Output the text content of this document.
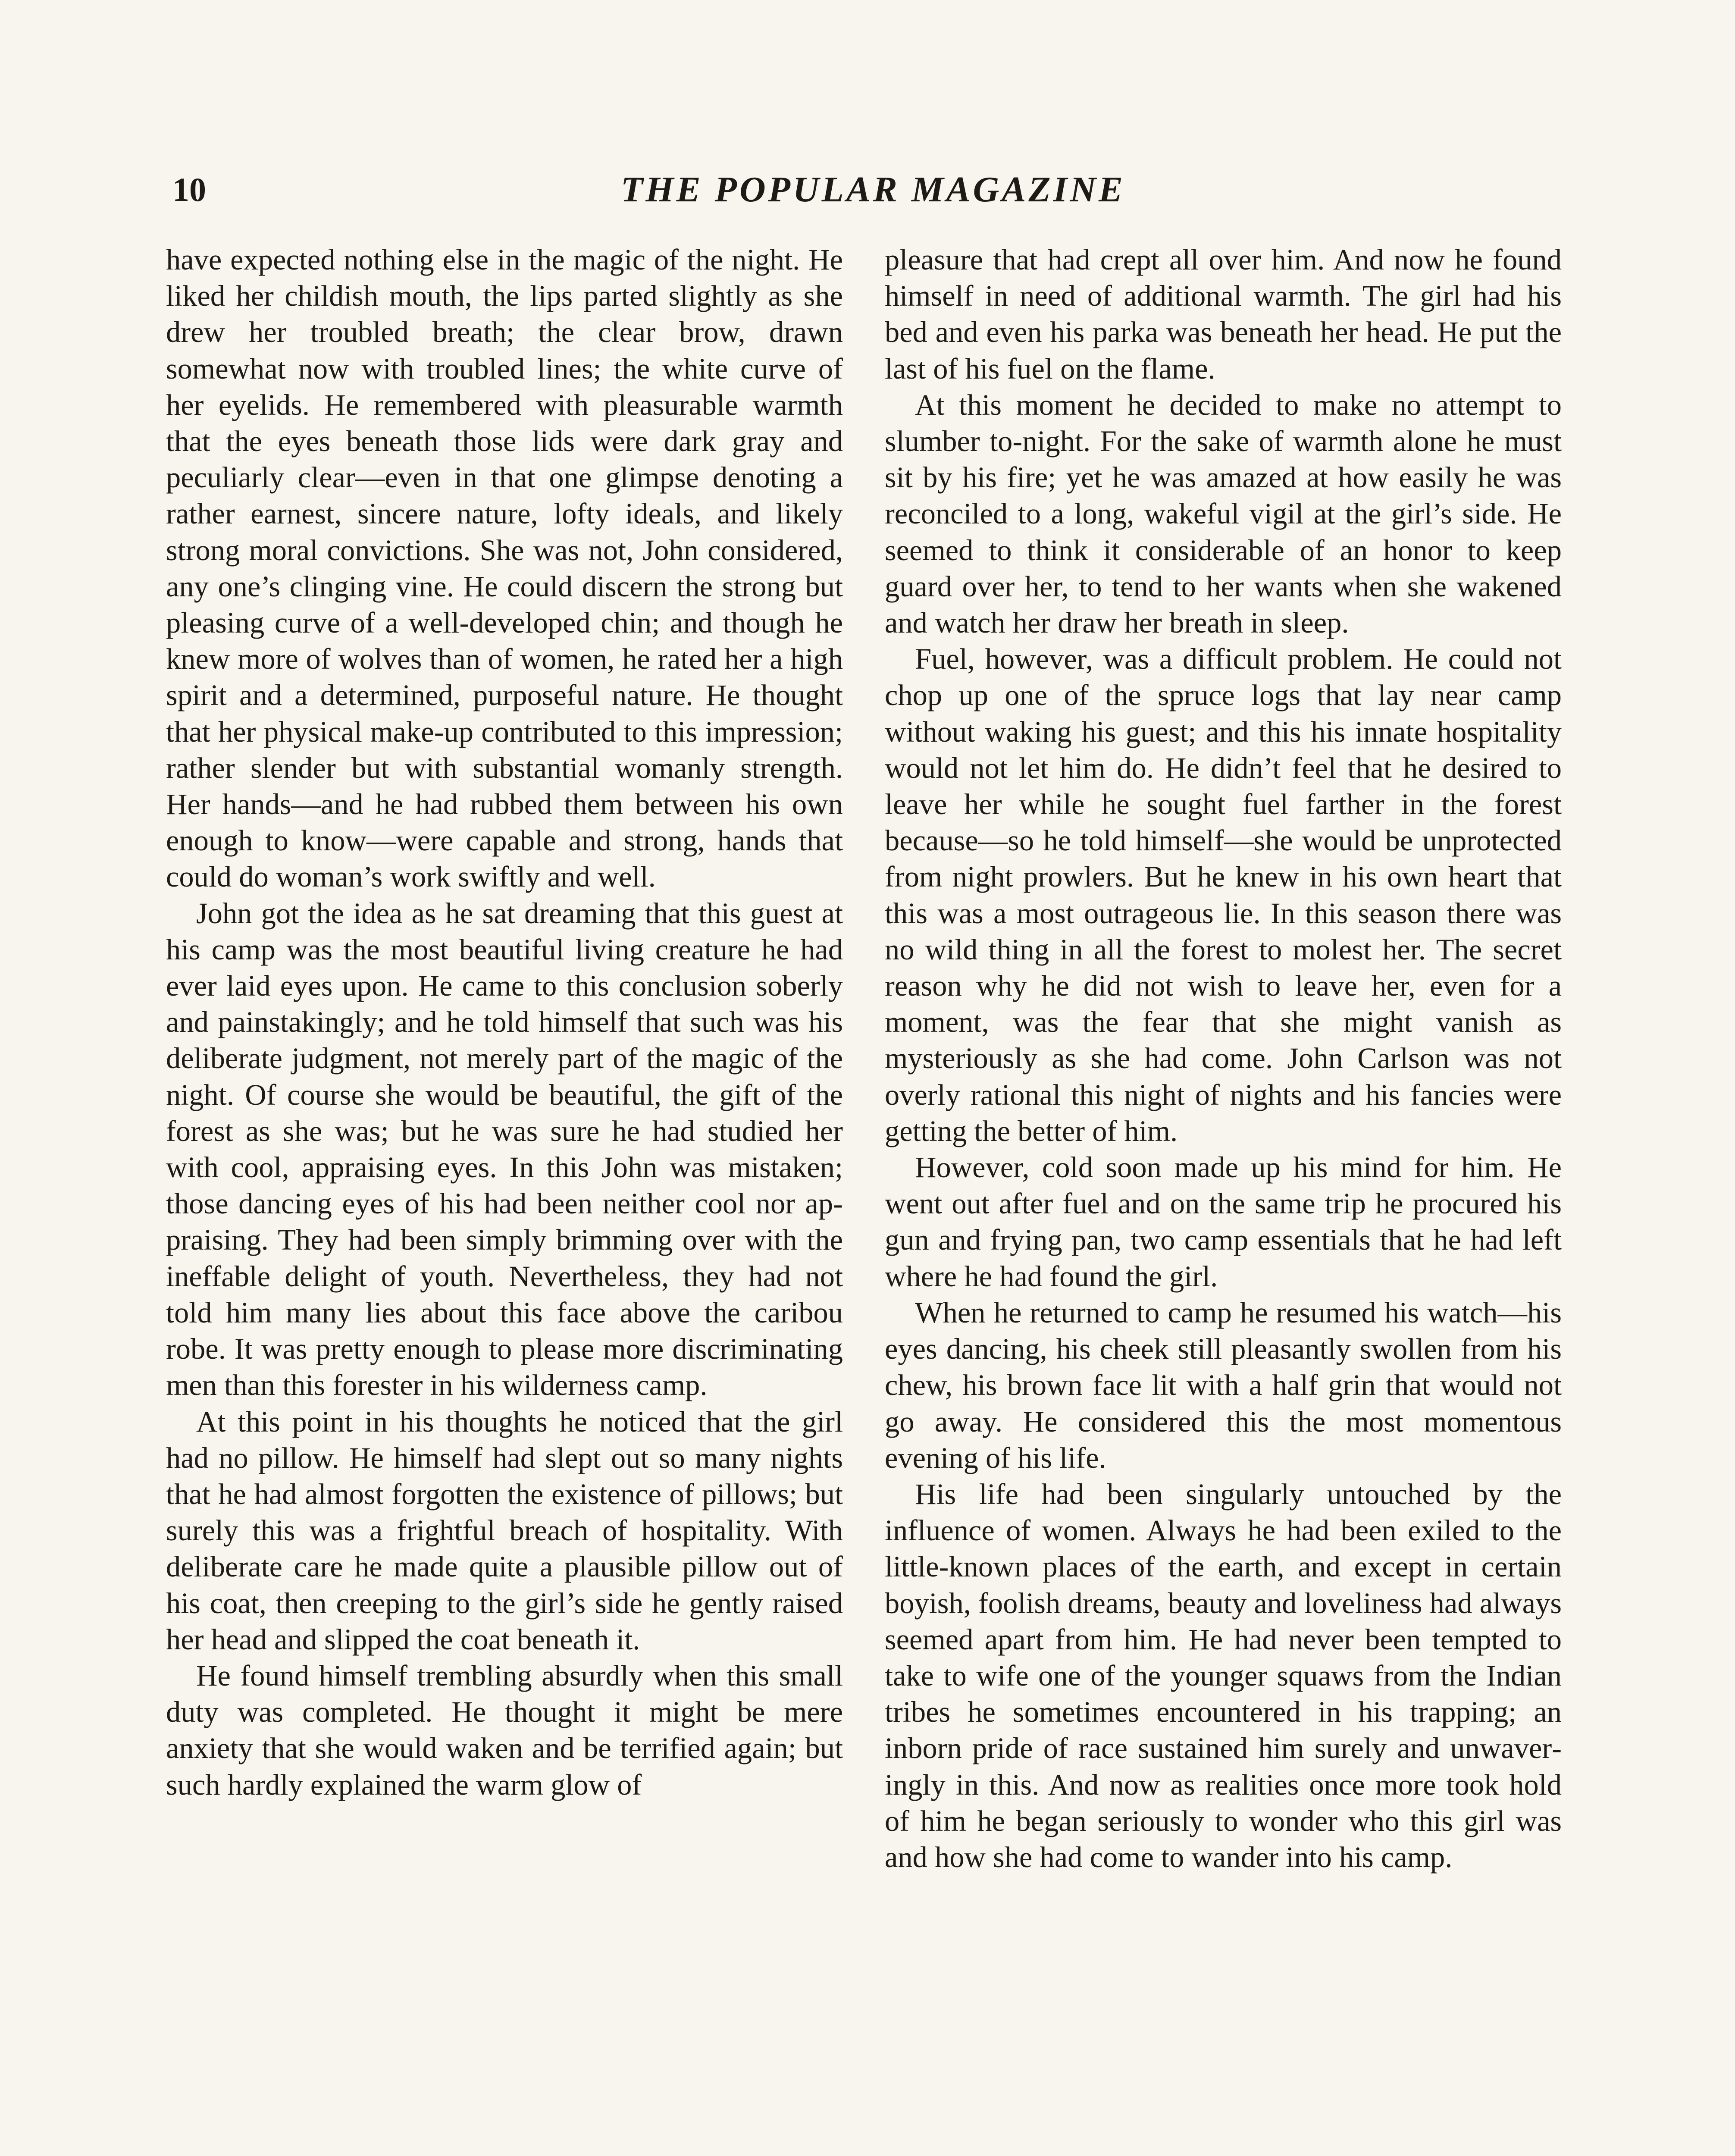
10	THE POPULAR MAGAZINE

have expected nothing else in the magic of the night. He liked her childish mouth, the lips parted slightly as she drew her troubled breath; the clear brow, drawn somewhat now with troubled lines; the white curve of her eyelids. He remembered with pleasurable warmth that the eyes beneath those lids were dark gray and peculiarly clear—even in that one glimpse denoting a rather earnest, sincere nature, lofty ideals, and likely strong moral convictions. She was not, John considered, any one’s clinging vine. He could discern the strong but pleasing curve of a well-developed chin; and though he knew more of wolves than of women, he rated her a high spirit and a determined, purposeful nature. He thought that her physical make-up contributed to this impression; rather slender but with substantial womanly strength. Her hands—and he had rubbed them between his own enough to know—were capable and strong, hands that could do woman’s work swiftly and well.

John got the idea as he sat dreaming that this guest at his camp was the most beautiful living creature he had ever laid eyes upon. He came to this conclusion soberly and painstakingly; and he told himself that such was his deliberate judgment, not merely part of the magic of the night. Of course she would be beautiful, the gift of the forest as she was; but he was sure he had studied her with cool, appraising eyes. In this John was mistaken; those dancing eyes of his had been neither cool nor appraising. They had been simply brimming over with the ineffable delight of youth. Nevertheless, they had not told him many lies about this face above the caribou robe. It was pretty enough to please more discriminating men than this forester in his wilderness camp.

At this point in his thoughts he noticed that the girl had no pillow. He himself had slept out so many nights that he had almost forgotten the existence of pillows; but surely this was a frightful breach of hospitality. With deliberate care he made quite a plausible pillow out of his coat, then creeping to the girl’s side he gently raised her head and slipped the coat beneath it.

He found himself trembling absurdly when this small duty was completed. He thought it might be mere anxiety that she would waken and be terrified again; but such hardly explained the warm glow of

pleasure that had crept all over him. And now he found himself in need of additional warmth. The girl had his bed and even his parka was beneath her head. He put the last of his fuel on the flame.

At this moment he decided to make no attempt to slumber to-night. For the sake of warmth alone he must sit by his fire; yet he was amazed at how easily he was reconciled to a long, wakeful vigil at the girl’s side. He seemed to think it considerable of an honor to keep guard over her, to tend to her wants when she wakened and watch her draw her breath in sleep.

Fuel, however, was a difficult problem. He could not chop up one of the spruce logs that lay near camp without waking his guest; and this his innate hospitality would not let him do. He didn’t feel that he desired to leave her while he sought fuel farther in the forest because—so he told himself—she would be unprotected from night prowlers. But he knew in his own heart that this was a most outrageous lie. In this season there was no wild thing in all the forest to molest her. The secret reason why he did not wish to leave her, even for a moment, was the fear that she might vanish as mysteriously as she had come. John Carlson was not overly rational this night of nights and his fancies were getting the better of him.

However, cold soon made up his mind for him. He went out after fuel and on the same trip he procured his gun and frying pan, two camp essentials that he had left where he had found the girl.

When he returned to camp he resumed his watch—his eyes dancing, his cheek still pleasantly swollen from his chew, his brown face lit with a half grin that would not go away. He considered this the most momentous evening of his life.

His life had been singularly untouched by the influence of women. Always he had been exiled to the little-known places of the earth, and except in certain boyish, foolish dreams, beauty and loveliness had always seemed apart from him. He had never been tempted to take to wife one of the younger squaws from the Indian tribes he sometimes encountered in his trapping; an inborn pride of race sustained him surely and unwaveringly in this. And now as realities once more took hold of him he began seriously to wonder who this girl was and how she had come to wander into his camp.
